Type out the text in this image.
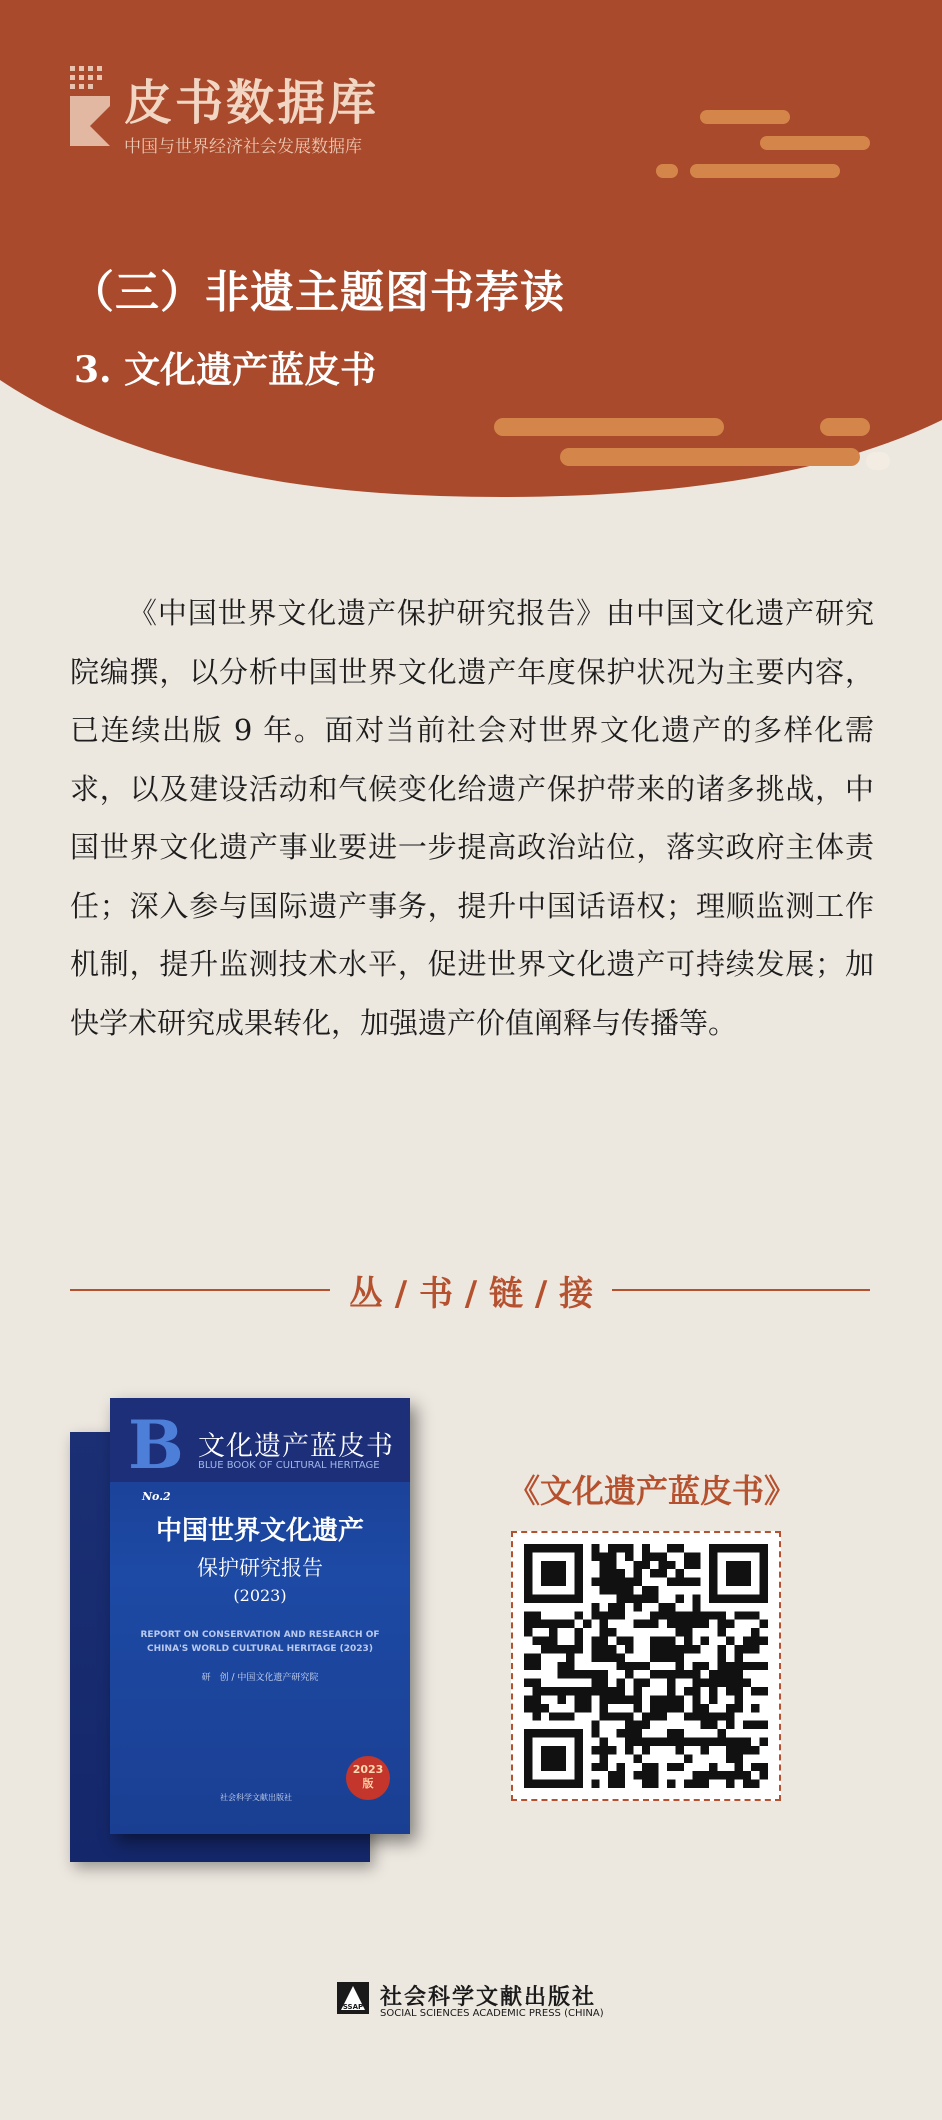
皮书数据库
中国与世界经济社会发展数据库
（三）非遗主题图书荐读
3. 文化遗产蓝皮书

《中国世界文化遗产保护研究报告》由中国文化遗产研究院编撰，以分析中国世界文化遗产年度保护状况为主要内容，已连续出版 9 年。面对当前社会对世界文化遗产的多样化需求，以及建设活动和气候变化给遗产保护带来的诸多挑战，中国世界文化遗产事业要进一步提高政治站位，落实政府主体责任；深入参与国际遗产事务，提升中国话语权；理顺监测工作机制，提升监测技术水平，促进世界文化遗产可持续发展；加快学术研究成果转化，加强遗产价值阐释与传播等。

丛 / 书 / 链 / 接
B 文化遗产蓝皮书
BLUE BOOK OF CULTURAL HERITAGE
No.2
中国世界文化遗产
保护研究报告
(2023)
REPORT ON CONSERVATION AND RESEARCH OF
CHINA'S WORLD CULTURAL HERITAGE (2023)
研　创 / 中国文化遗产研究院
2023
版
社会科学文献出版社
《文化遗产蓝皮书》
SSAP 社会科学文献出版社
SOCIAL SCIENCES ACADEMIC PRESS (CHINA)
